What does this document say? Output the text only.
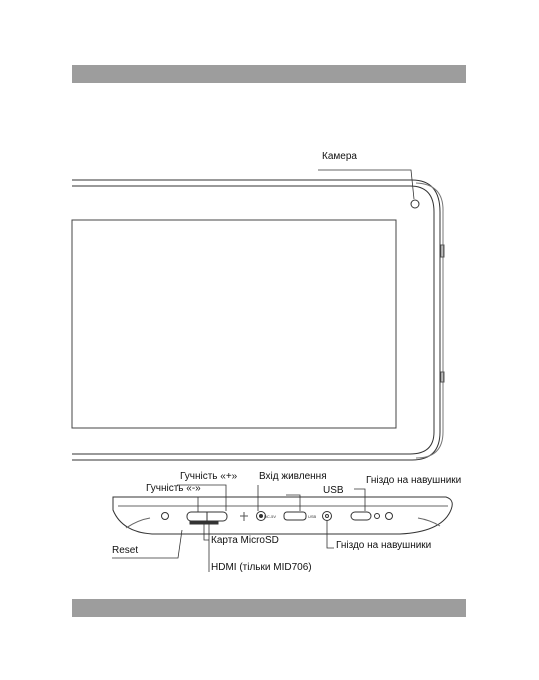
DC-5V	USB
Камера
Гучність «+»
Гучність «-»
Вхід живлення
USB
Гніздо на навушники
Reset
Карта MicroSD
HDMI (тільки MID706)
Гніздо на навушники
